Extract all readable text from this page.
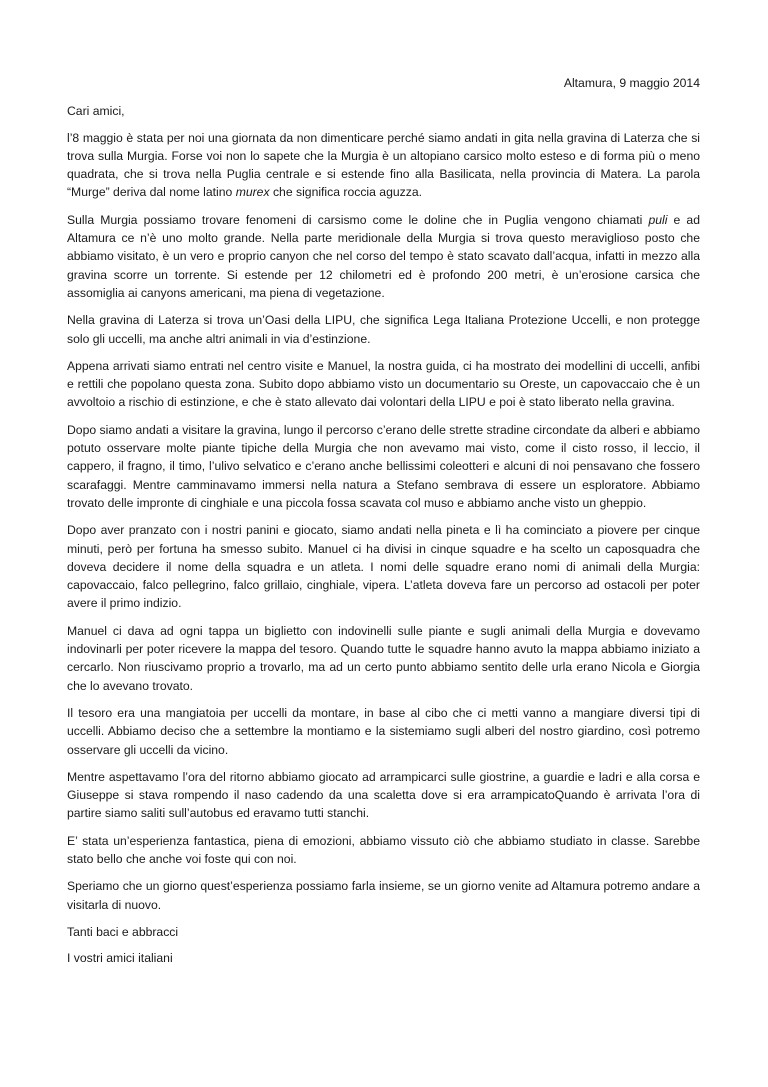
Altamura, 9 maggio 2014

Cari amici,

l’8 maggio è stata per noi una giornata da non dimenticare perché siamo andati in gita nella gravina di Laterza che si trova sulla Murgia. Forse voi non lo sapete che la Murgia è un altopiano carsico molto esteso e di forma più o meno quadrata, che si trova nella Puglia centrale e si estende fino alla Basilicata, nella provincia di Matera. La parola “Murge” deriva dal nome latino murex che significa roccia aguzza.

Sulla Murgia possiamo trovare fenomeni di carsismo come le doline che in Puglia vengono chiamati puli e ad Altamura ce n’è uno molto grande. Nella parte meridionale della Murgia si trova questo meraviglioso posto che abbiamo visitato, è un vero e proprio canyon che nel corso del tempo è stato scavato dall’acqua, infatti in mezzo alla gravina scorre un torrente. Si estende per 12 chilometri ed è profondo 200 metri, è un’erosione carsica che assomiglia ai canyons americani, ma piena di vegetazione.

Nella gravina di Laterza si trova un’Oasi della LIPU, che significa Lega Italiana Protezione Uccelli, e non protegge solo gli uccelli, ma anche altri animali in via d’estinzione.

Appena arrivati siamo entrati nel centro visite e Manuel, la nostra guida, ci ha mostrato dei modellini di uccelli, anfibi e rettili che popolano questa zona. Subito dopo abbiamo visto un documentario su Oreste, un capovaccaio che è un avvoltoio a rischio di estinzione, e che è stato allevato dai volontari della LIPU e poi è stato liberato nella gravina.

Dopo siamo andati a visitare la gravina, lungo il percorso c’erano delle strette stradine circondate da alberi e abbiamo potuto osservare molte piante tipiche della Murgia che non avevamo mai visto, come il cisto rosso, il leccio, il cappero, il fragno, il timo, l’ulivo selvatico e c’erano anche bellissimi coleotteri e alcuni di noi pensavano che fossero scarafaggi. Mentre camminavamo immersi nella natura a Stefano sembrava di essere un esploratore. Abbiamo trovato delle impronte di cinghiale e una piccola fossa scavata col muso e abbiamo anche visto un gheppio.

Dopo aver pranzato con i nostri panini e giocato, siamo andati nella pineta e lì ha cominciato a piovere per cinque minuti, però per fortuna ha smesso subito. Manuel ci ha divisi in cinque squadre e ha scelto un caposquadra che doveva decidere il nome della squadra e un atleta. I nomi delle squadre erano nomi di animali della Murgia: capovaccaio, falco pellegrino, falco grillaio, cinghiale, vipera. L’atleta doveva fare un percorso ad ostacoli per poter avere il primo indizio.

Manuel ci dava ad ogni tappa un biglietto con indovinelli sulle piante e sugli animali della Murgia e dovevamo indovinarli per poter ricevere la mappa del tesoro. Quando tutte le squadre hanno avuto la mappa abbiamo iniziato a cercarlo. Non riuscivamo proprio a trovarlo, ma ad un certo punto abbiamo sentito delle urla erano Nicola e Giorgia che lo avevano trovato.

Il tesoro era una mangiatoia per uccelli da montare, in base al cibo che ci metti vanno a mangiare diversi tipi di uccelli. Abbiamo deciso che a settembre la montiamo e la sistemiamo sugli alberi del nostro giardino, così potremo osservare gli uccelli da vicino.

Mentre aspettavamo l’ora del ritorno abbiamo giocato ad arrampicarci sulle giostrine, a guardie e ladri e alla corsa e Giuseppe si stava rompendo il naso cadendo da una scaletta dove si era arrampicatoQuando è arrivata l’ora di partire siamo saliti sull’autobus ed eravamo tutti stanchi.

E’ stata un’esperienza fantastica, piena di emozioni, abbiamo vissuto ciò che abbiamo studiato in classe. Sarebbe stato bello che anche voi foste qui con noi.

Speriamo che un giorno quest’esperienza possiamo farla insieme, se un giorno venite ad Altamura potremo andare a visitarla di nuovo.

Tanti baci e abbracci

I vostri amici italiani
